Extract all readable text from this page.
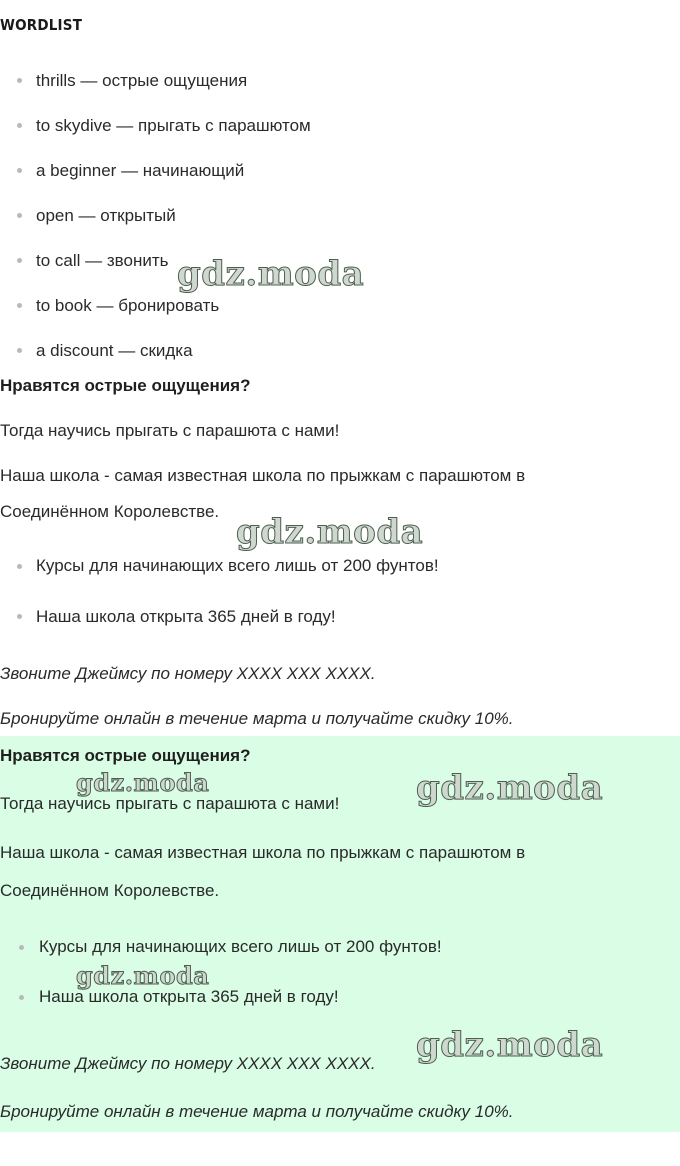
WORDLIST
thrills — острые ощущения
to skydive — прыгать с парашютом
a beginner — начинающий
open — открытый
to call — звонить
to book — бронировать
a discount — скидка
Нравятся острые ощущения?
Тогда научись прыгать с парашюта с нами!
Наша школа - самая известная школа по прыжкам с парашютом в
Соединённом Королевстве.
Курсы для начинающих всего лишь от 200 фунтов!
Наша школа открыта 365 дней в году!
Звоните Джеймсу по номеру XXXX XXX XXXX.
Бронируйте онлайн в течение марта и получайте скидку 10%.
Нравятся острые ощущения?
Тогда научись прыгать с парашюта с нами!
Наша школа - самая известная школа по прыжкам с парашютом в
Соединённом Королевстве.
Курсы для начинающих всего лишь от 200 фунтов!
Наша школа открыта 365 дней в году!
Звоните Джеймсу по номеру XXXX XXX XXXX.
Бронируйте онлайн в течение марта и получайте скидку 10%.
gdz.moda
gdz.moda
gdz.moda	gdz.moda
gdz.moda
gdz.moda
